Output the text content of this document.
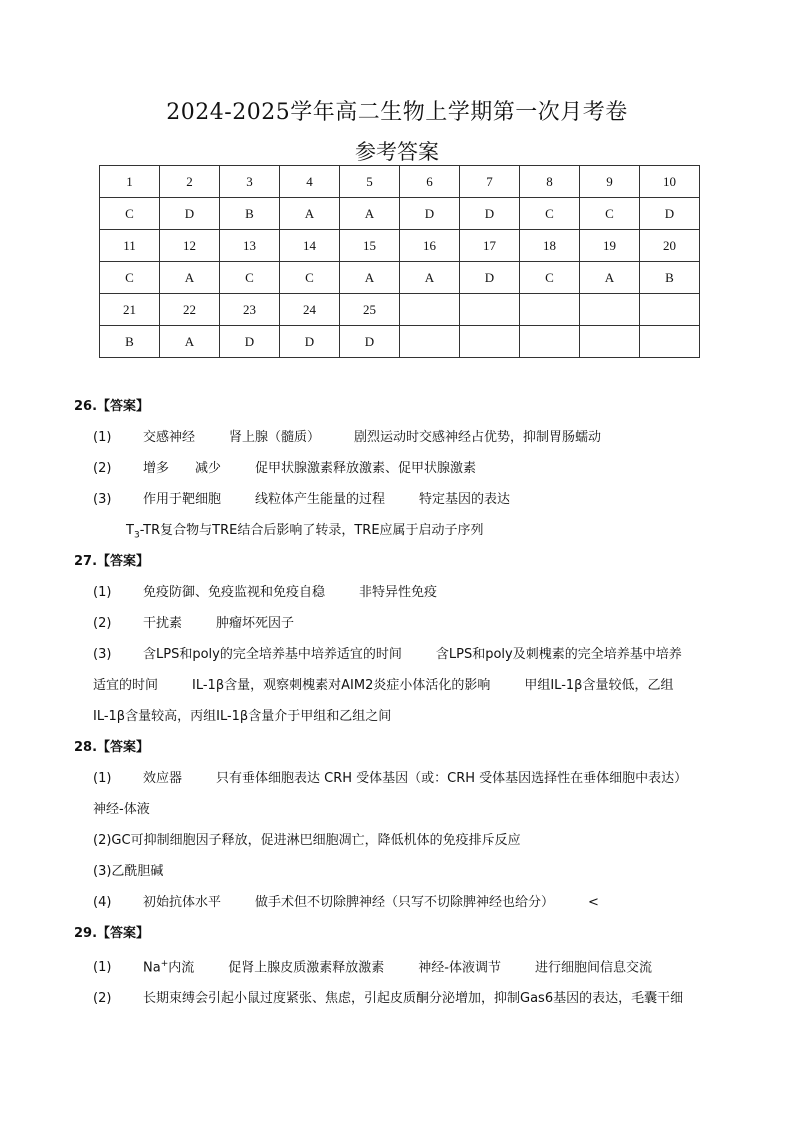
2024-2025学年高二生物上学期第一次月考卷
参考答案
1	2	3	4	5	6	7	8	9	10
C	D	B	A	A	D	D	C	C	D
11	12	13	14	15	16	17	18	19	20
C	A	C	C	A	A	D	C	A	B
21	22	23	24	25					
B	A	D	D	D					
26.【答案】
(1) 交感神经	肾上腺（髓质）	剧烈运动时交感神经占优势，抑制胃肠蠕动
(2) 增多 减少	促甲状腺激素释放激素、促甲状腺激素
(3) 作用于靶细胞	线粒体产生能量的过程	特定基因的表达
$T_3-TR$复合物与TRE结合后影响了转录，TRE应属于启动子序列
27.【答案】
(1) 免疫防御、免疫监视和免疫自稳	非特异性免疫
(2) 干扰素	肿瘤坏死因子
(3) 含LPS和poly的完全培养基中培养适宜的时间	含LPS和poly及刺槐素的完全培养基中培养
适宜的时间	IL-1β含量，观察刺槐素对AIM2炎症小体活化的影响	甲组IL-1β含量较低，乙组
IL-1β含量较高，丙组IL-1β含量介于甲组和乙组之间
28.【答案】
(1) 效应器	只有垂体细胞表达 CRH 受体基因（或：CRH 受体基因选择性在垂体细胞中表达）
神经-体液
(2)GC可抑制细胞因子释放，促进淋巴细胞凋亡，降低机体的免疫排斥反应
(3)乙酰胆碱
(4) 初始抗体水平	做手术但不切除脾神经（只写不切除脾神经也给分）	<
29.【答案】
(1) Na+内流	促肾上腺皮质激素释放激素	神经-体液调节	进行细胞间信息交流
(2) 长期束缚会引起小鼠过度紧张、焦虑，引起皮质酮分泌增加，抑制Gas6基因的表达，毛囊干细
